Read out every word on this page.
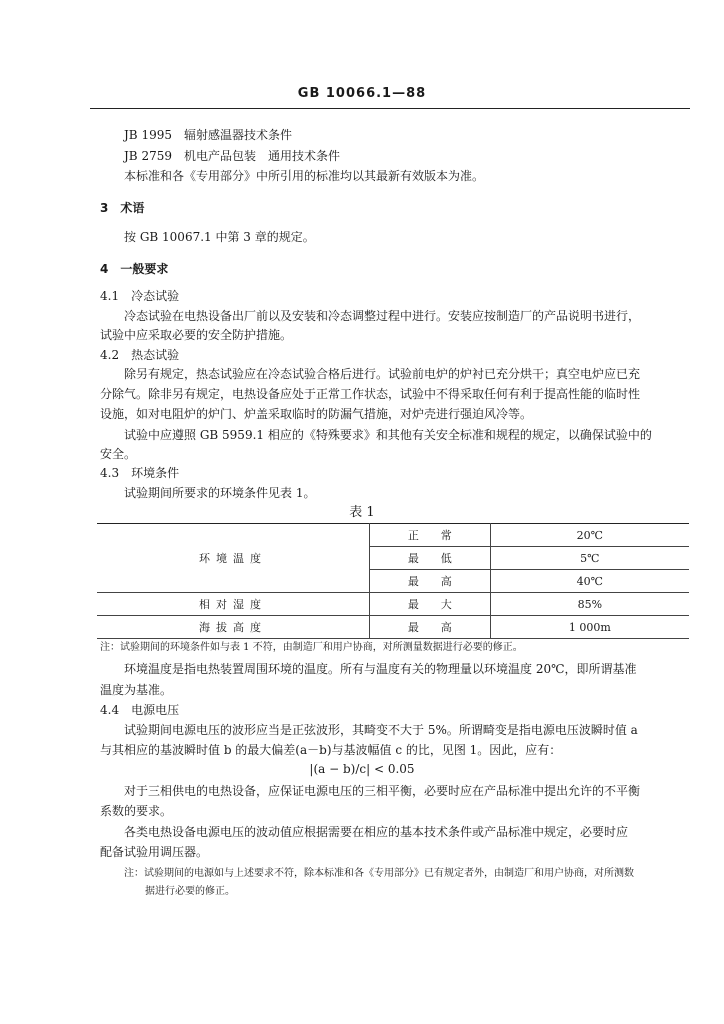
GB 10066.1—88
JB 1995　辐射感温器技术条件
JB 2759　机电产品包装　通用技术条件
本标准和各《专用部分》中所引用的标准均以其最新有效版本为准。
3　术语
按 GB 10067.1 中第 3 章的规定。
4　一般要求
4.1　冷态试验
冷态试验在电热设备出厂前以及安装和冷态调整过程中进行。安装应按制造厂的产品说明书进行，
试验中应采取必要的安全防护措施。
4.2　热态试验
除另有规定，热态试验应在冷态试验合格后进行。试验前电炉的炉衬已充分烘干；真空电炉应已充
分除气。除非另有规定，电热设备应处于正常工作状态，试验中不得采取任何有利于提高性能的临时性
设施，如对电阻炉的炉门、炉盖采取临时的防漏气措施，对炉壳进行强迫风冷等。
试验中应遵照 GB 5959.1 相应的《特殊要求》和其他有关安全标准和规程的规定，以确保试验中的
安全。
4.3　环境条件
试验期间所要求的环境条件见表 1。
表 1
环境温度	正　　常	20℃
	最　　低	5℃
	最　　高	40℃
相对湿度	最　　大	85%
海拔高度	最　　高	1 000m
注：试验期间的环境条件如与表 1 不符，由制造厂和用户协商，对所测量数据进行必要的修正。
环境温度是指电热装置周围环境的温度。所有与温度有关的物理量以环境温度 20℃，即所谓基准
温度为基准。
4.4　电源电压
试验期间电源电压的波形应当是正弦波形，其畸变不大于 5%。所谓畸变是指电源电压波瞬时值 a
与其相应的基波瞬时值 b 的最大偏差(a－b)与基波幅值 c 的比，见图 1。因此，应有：
|(a − b)/c| < 0.05
对于三相供电的电热设备，应保证电源电压的三相平衡，必要时应在产品标准中提出允许的不平衡
系数的要求。
各类电热设备电源电压的波动值应根据需要在相应的基本技术条件或产品标准中规定，必要时应
配备试验用调压器。
注：试验期间的电源如与上述要求不符，除本标准和各《专用部分》已有规定者外，由制造厂和用户协商，对所测数
据进行必要的修正。
